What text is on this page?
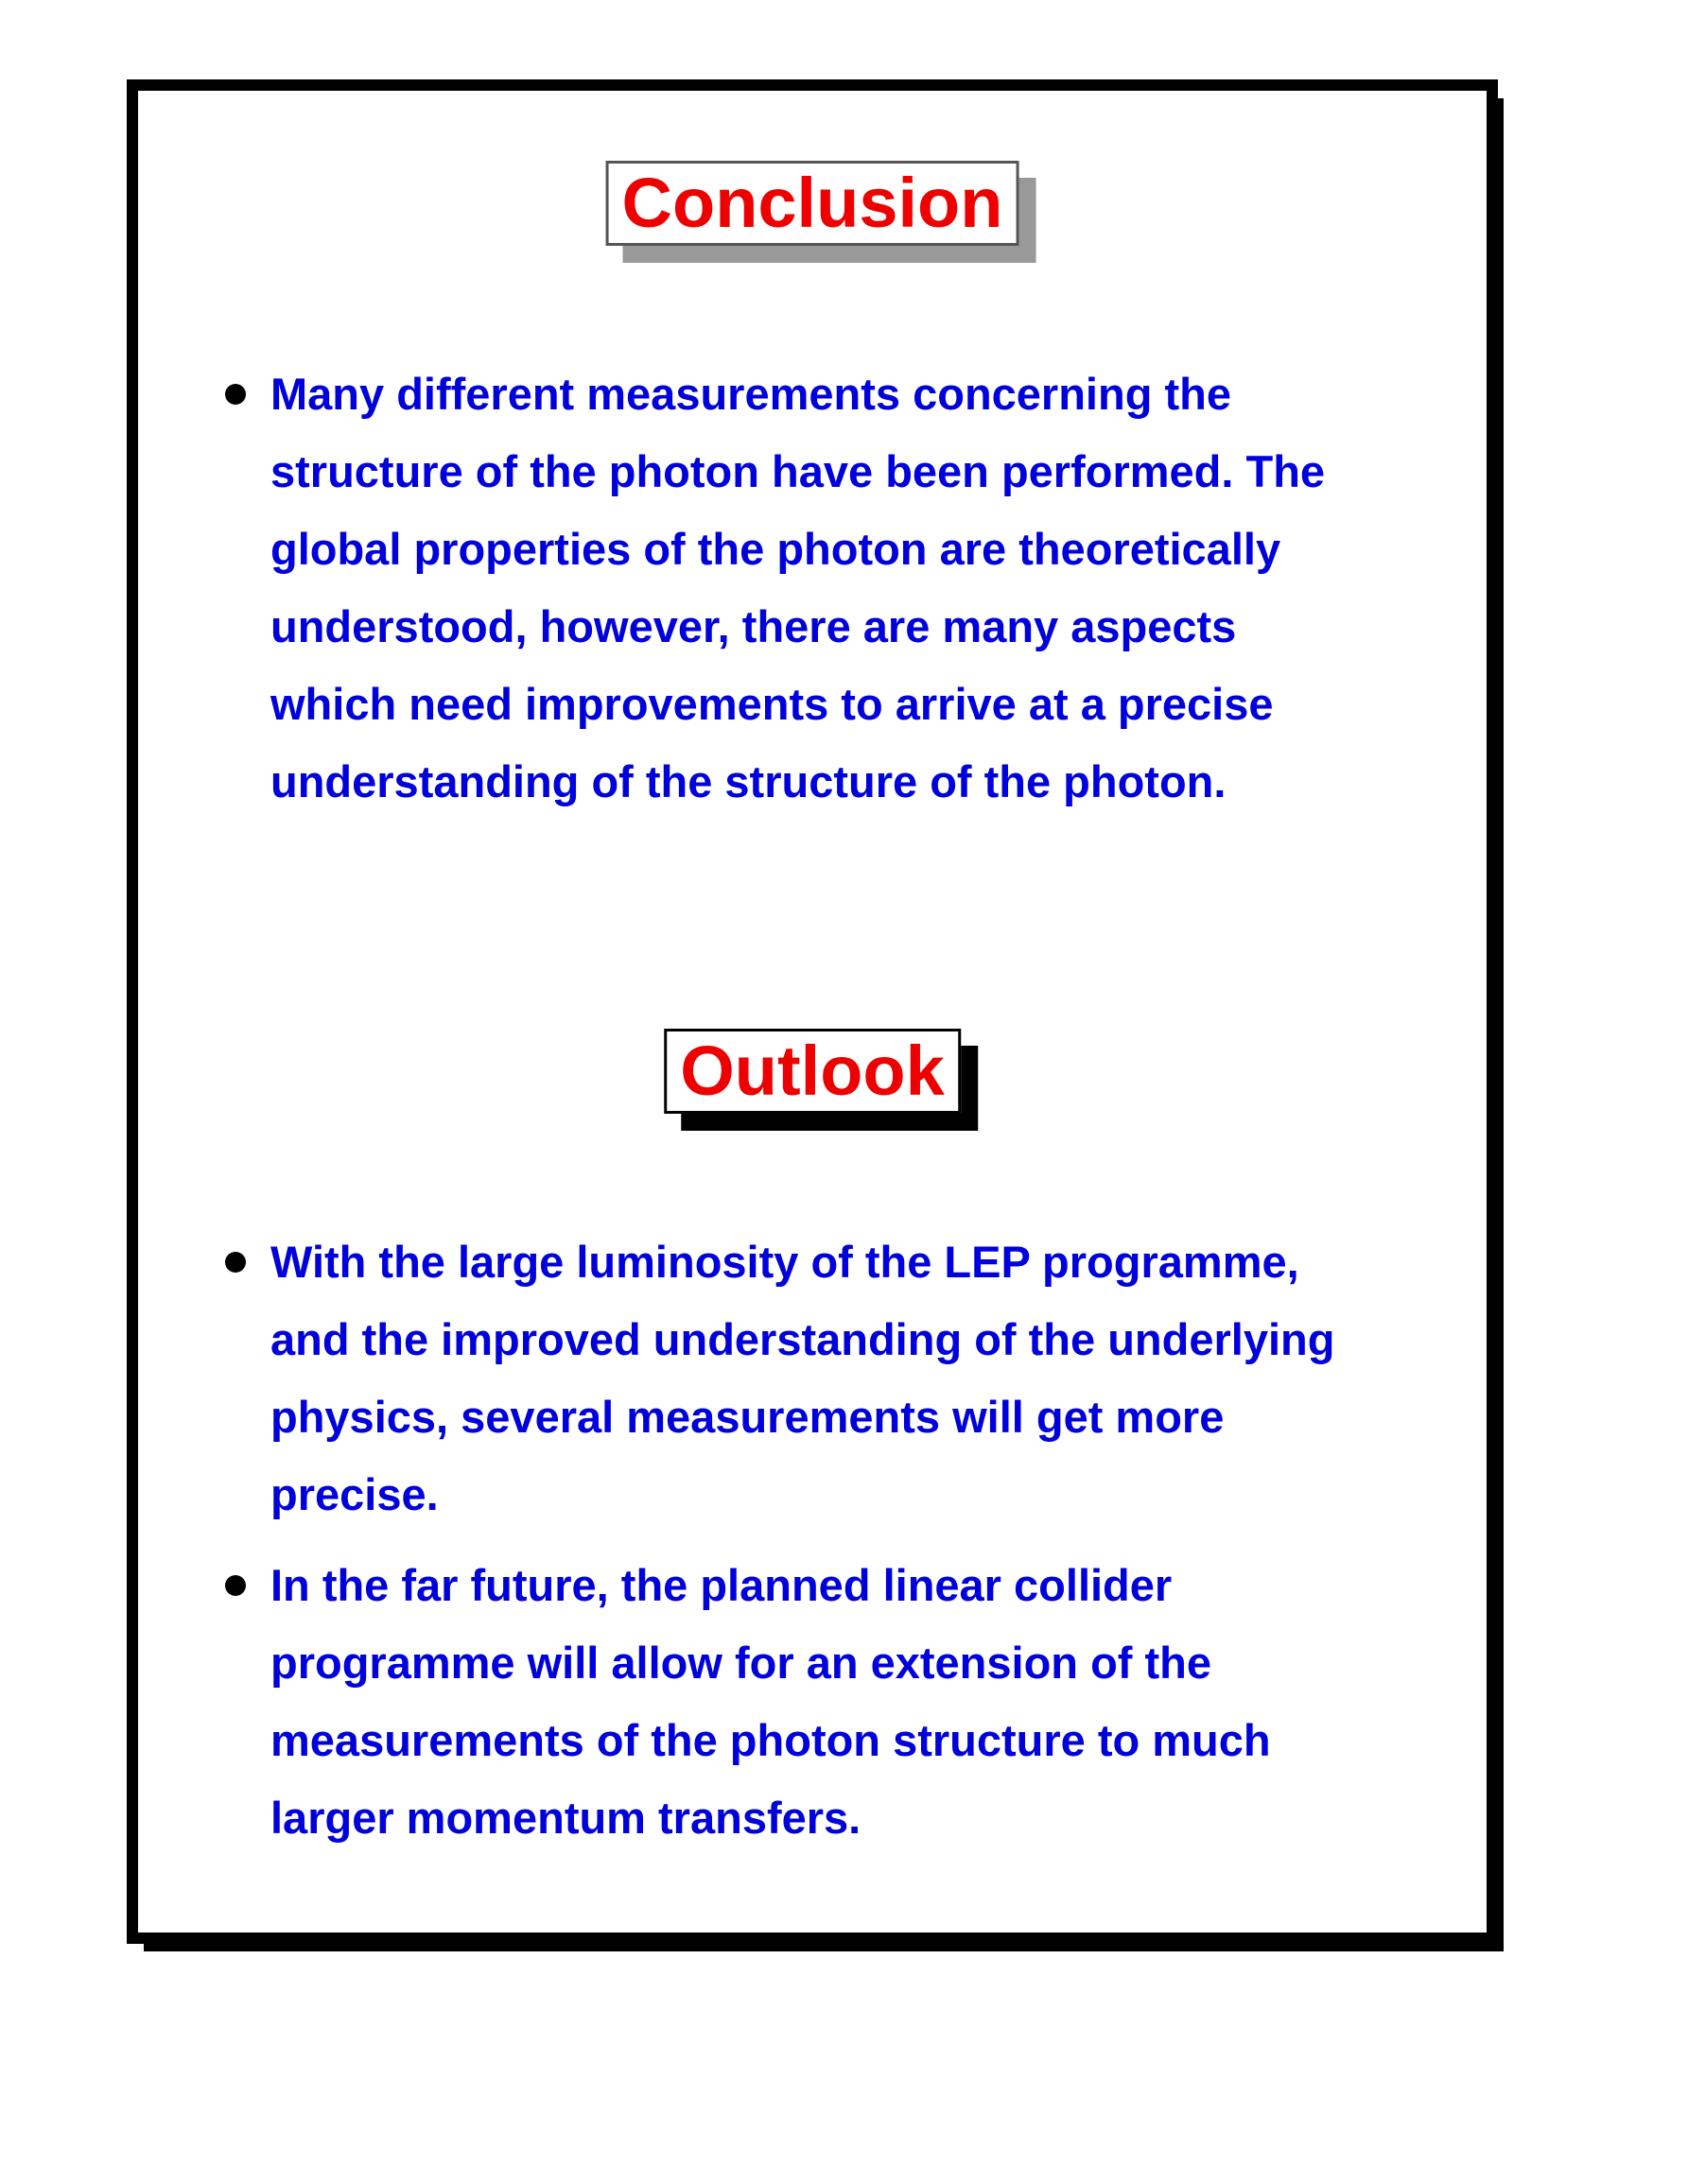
Conclusion
Many different measurements concerning the
structure of the photon have been performed. The
global properties of the photon are theoretically
understood, however, there are many aspects
which need improvements to arrive at a precise
understanding of the structure of the photon.
Outlook
With the large luminosity of the LEP programme,
and the improved understanding of the underlying
physics, several measurements will get more
precise.
In the far future, the planned linear collider
programme will allow for an extension of the
measurements of the photon structure to much
larger momentum transfers.
